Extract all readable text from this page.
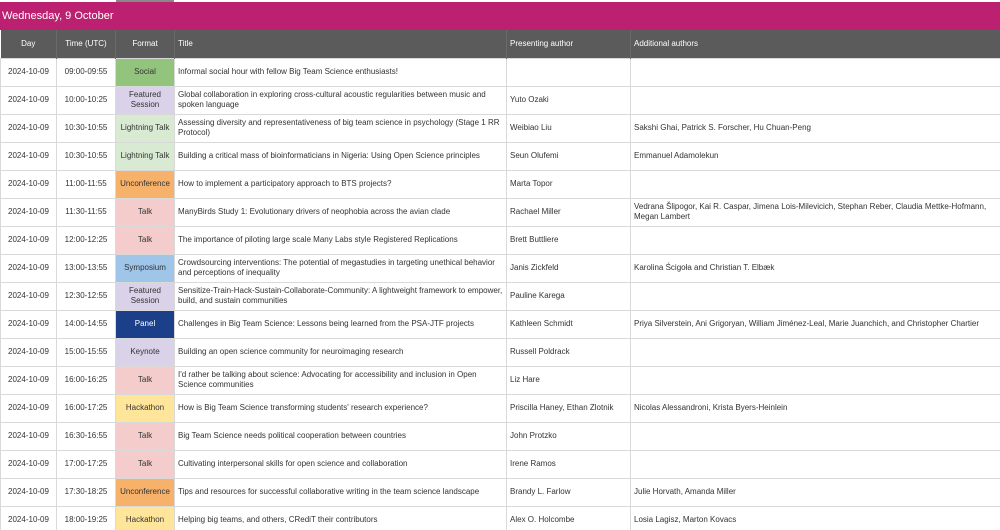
Wednesday, 9 October
Day	Time (UTC)	Format	Title	Presenting author	Additional authors
2024-10-09	09:00-09:55	Social	Informal social hour with fellow Big Team Science enthusiasts!		
2024-10-09	10:00-10:25	Featured Session	Global collaboration in exploring cross-cultural acoustic regularities between music and spoken language	Yuto Ozaki	
2024-10-09	10:30-10:55	Lightning Talk	Assessing diversity and representativeness of big team science in psychology (Stage 1 RR Protocol)	Weibiao Liu	Sakshi Ghai, Patrick S. Forscher, Hu Chuan-Peng
2024-10-09	10:30-10:55	Lightning Talk	Building a critical mass of bioinformaticians in Nigeria: Using Open Science principles	Seun Olufemi	Emmanuel Adamolekun
2024-10-09	11:00-11:55	Unconference	How to implement a participatory approach to BTS projects?	Marta Topor	
2024-10-09	11:30-11:55	Talk	ManyBirds Study 1: Evolutionary drivers of neophobia across the avian clade	Rachael Miller	Vedrana Šlipogor, Kai R. Caspar, Jimena Lois-Milevicich, Stephan Reber, Claudia Mettke-Hofmann, Megan Lambert
2024-10-09	12:00-12:25	Talk	The importance of piloting large scale Many Labs style Registered Replications	Brett Buttliere	
2024-10-09	13:00-13:55	Symposium	Crowdsourcing interventions: The potential of megastudies in targeting unethical behavior and perceptions of inequality	Janis Zickfeld	Karolina Ścigoła and Christian T. Elbæk
2024-10-09	12:30-12:55	Featured Session	Sensitize-Train-Hack-Sustain-Collaborate-Community: A lightweight framework to empower, build, and sustain communities	Pauline Karega	
2024-10-09	14:00-14:55	Panel	Challenges in Big Team Science: Lessons being learned from the PSA-JTF projects	Kathleen Schmidt	Priya Silverstein, Ani Grigoryan, William Jiménez-Leal, Marie Juanchich, and Christopher Chartier
2024-10-09	15:00-15:55	Keynote	Building an open science community for neuroimaging research	Russell Poldrack	
2024-10-09	16:00-16:25	Talk	I'd rather be talking about science: Advocating for accessibility and inclusion in Open Science communities	Liz Hare	
2024-10-09	16:00-17:25	Hackathon	How is Big Team Science transforming students' research experience?	Priscilla Haney, Ethan Zlotnik	Nicolas Alessandroni, Krista Byers-Heinlein
2024-10-09	16:30-16:55	Talk	Big Team Science needs political cooperation between countries	John Protzko	
2024-10-09	17:00-17:25	Talk	Cultivating interpersonal skills for open science and collaboration	Irene Ramos	
2024-10-09	17:30-18:25	Unconference	Tips and resources for successful collaborative writing in the team science landscape	Brandy L. Farlow	Julie Horvath, Amanda Miller
2024-10-09	18:00-19:25	Hackathon	Helping big teams, and others, CRediT their contributors	Alex O. Holcombe	Losia Lagisz, Marton Kovacs
